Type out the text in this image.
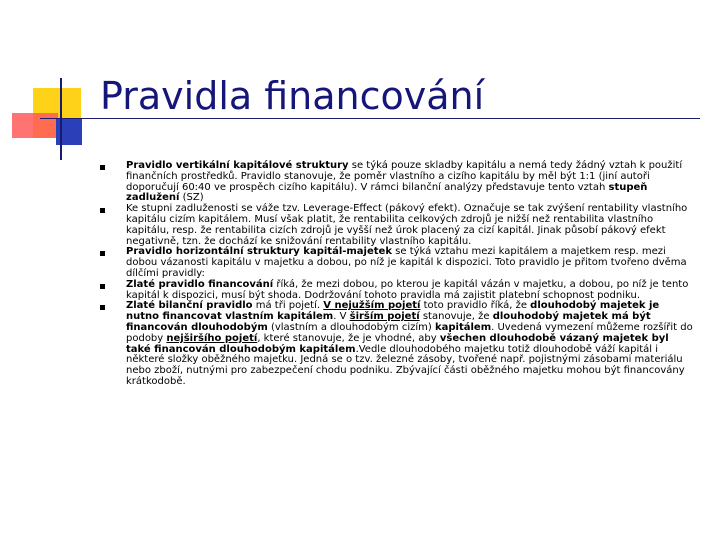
Pravidla financování
Pravidlo vertikální kapitálové struktury se týká pouze skladby kapitálu a nemá tedy žádný vztah k použití finančních prostředků. Pravidlo stanovuje, že poměr vlastního a cizího kapitálu by měl být 1:1 (jiní autoři doporučují 60:40 ve prospěch cizího kapitálu). V rámci bilanční analýzy představuje tento vztah stupeň zadlužení (SZ)
Ke stupni zadluženosti se váže tzv. Leverage-Effect (pákový efekt). Označuje se tak zvýšení rentability vlastního kapitálu cizím kapitálem. Musí však platit, že rentabilita celkových zdrojů je nižší než rentabilita vlastního kapitálu, resp. že rentabilita cizích zdrojů je vyšší než úrok placený za cizí kapitál. Jinak působí pákový efekt negativně, tzn. že dochází ke snižování rentability vlastního kapitálu.
Pravidlo horizontální struktury kapitál-majetek se týká vztahu mezi kapitálem a majetkem resp. mezi dobou vázanosti kapitálu v majetku a dobou, po níž je kapitál k dispozici. Toto pravidlo je přitom tvořeno dvěma dílčími pravidly:
Zlaté pravidlo financování říká, že mezi dobou, po kterou je kapitál vázán v majetku, a dobou, po níž je tento kapitál k dispozici, musí být shoda. Dodržování tohoto pravidla má zajistit platební schopnost podniku.
Zlaté bilanční pravidlo má tři pojetí. V nejužším pojetí toto pravidlo říká, že dlouhodobý majetek je nutno financovat vlastním kapitálem. V širším pojetí stanovuje, že dlouhodobý majetek má být financován dlouhodobým (vlastním a dlouhodobým cizím) kapitálem. Uvedená vymezení můžeme rozšířit do podoby nejširšího pojetí, které stanovuje, že je vhodné, aby všechen dlouhodobě vázaný majetek byl také financován dlouhodobým kapitálem.Vedle dlouhodobého majetku totiž dlouhodobě váží kapitál i některé složky oběžného majetku. Jedná se o tzv. železné zásoby, tvořené např. pojistnými zásobami materiálu nebo zboží, nutnými pro zabezpečení chodu podniku. Zbývající části oběžného majetku mohou být financovány krátkodobě.
